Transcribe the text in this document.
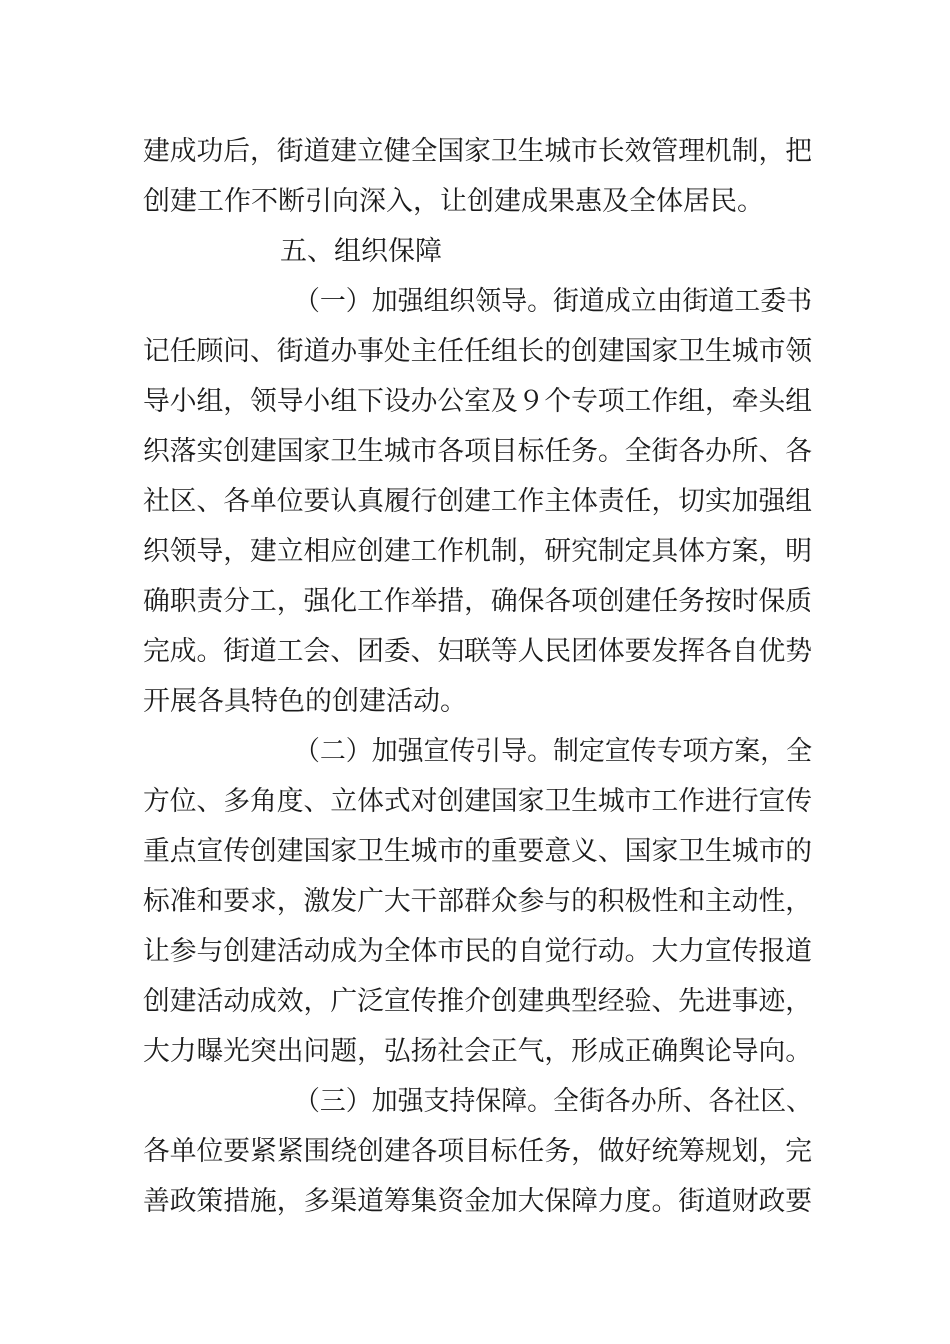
建成功后，街道建立健全国家卫生城市长效管理机制，把
创建工作不断引向深入，让创建成果惠及全体居民。
五、组织保障
（一）加强组织领导。街道成立由街道工委书
记任顾问、街道办事处主任任组长的创建国家卫生城市领
导小组，领导小组下设办公室及９个专项工作组，牵头组
织落实创建国家卫生城市各项目标任务。全街各办所、各
社区、各单位要认真履行创建工作主体责任，切实加强组
织领导，建立相应创建工作机制，研究制定具体方案，明
确职责分工，强化工作举措，确保各项创建任务按时保质
完成。街道工会、团委、妇联等人民团体要发挥各自优势
开展各具特色的创建活动。
（二）加强宣传引导。制定宣传专项方案，全
方位、多角度、立体式对创建国家卫生城市工作进行宣传
重点宣传创建国家卫生城市的重要意义、国家卫生城市的
标准和要求，激发广大干部群众参与的积极性和主动性，
让参与创建活动成为全体市民的自觉行动。大力宣传报道
创建活动成效，广泛宣传推介创建典型经验、先进事迹，
大力曝光突出问题，弘扬社会正气，形成正确舆论导向。
（三）加强支持保障。全街各办所、各社区、
各单位要紧紧围绕创建各项目标任务，做好统筹规划，完
善政策措施，多渠道筹集资金加大保障力度。街道财政要
